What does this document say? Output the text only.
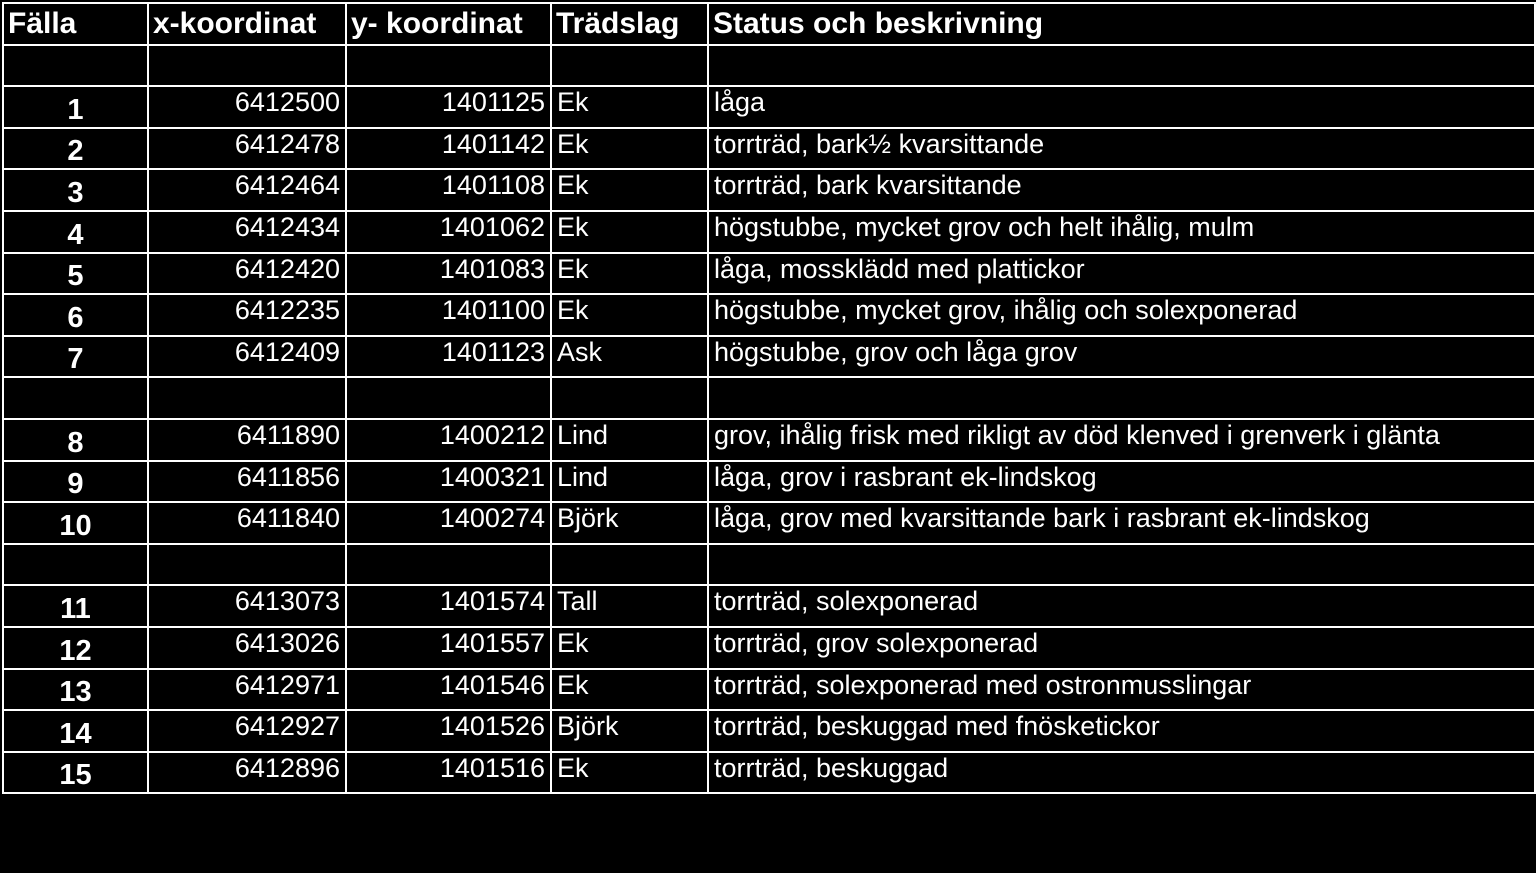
Fälla	x-koordinat	y- koordinat	Trädslag	Status och beskrivning

1	6412500	1401125	Ek	låga
2	6412478	1401142	Ek	torrträd, bark½ kvarsittande
3	6412464	1401108	Ek	torrträd, bark kvarsittande
4	6412434	1401062	Ek	högstubbe, mycket grov och helt ihålig, mulm
5	6412420	1401083	Ek	låga, mossklädd med plattickor
6	6412235	1401100	Ek	högstubbe, mycket grov, ihålig och solexponerad
7	6412409	1401123	Ask	högstubbe, grov och låga grov

8	6411890	1400212	Lind	grov, ihålig frisk med rikligt av död klenved i grenverk i glänta
9	6411856	1400321	Lind	låga, grov i rasbrant ek-lindskog
10	6411840	1400274	Björk	låga, grov med kvarsittande bark i rasbrant ek-lindskog

11	6413073	1401574	Tall	torrträd, solexponerad
12	6413026	1401557	Ek	torrträd, grov solexponerad
13	6412971	1401546	Ek	torrträd, solexponerad med ostronmusslingar
14	6412927	1401526	Björk	torrträd, beskuggad med fnösketickor
15	6412896	1401516	Ek	torrträd, beskuggad
